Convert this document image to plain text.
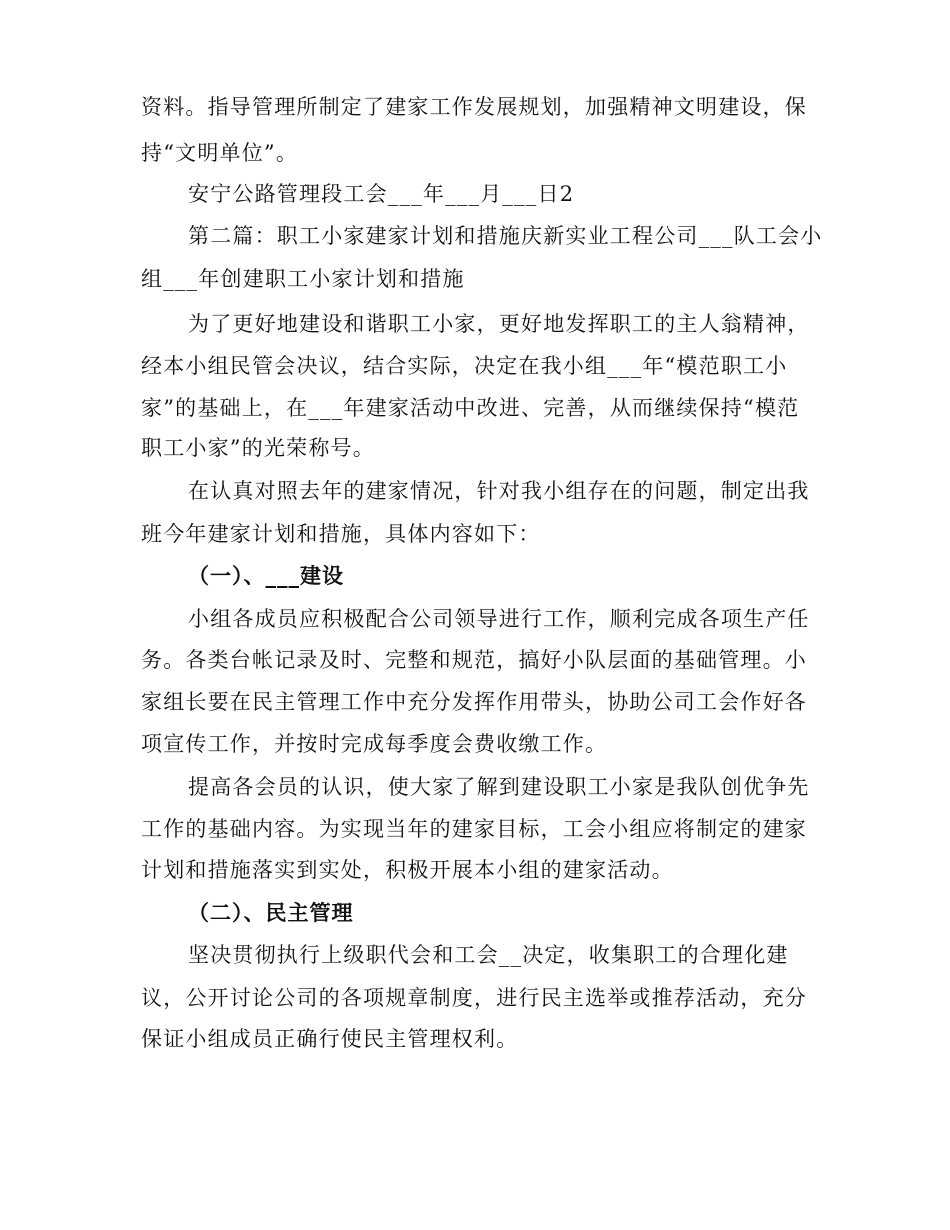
资料。指导管理所制定了建家工作发展规划，加强精神文明建设，保
持“文明单位”。
安宁公路管理段工会___年___月___日2
第二篇：职工小家建家计划和措施庆新实业工程公司___队工会小
组___年创建职工小家计划和措施
为了更好地建设和谐职工小家，更好地发挥职工的主人翁精神，
经本小组民管会决议，结合实际，决定在我小组___年“模范职工小
家”的基础上，在___年建家活动中改进、完善，从而继续保持“模范
职工小家”的光荣称号。
在认真对照去年的建家情况，针对我小组存在的问题，制定出我
班今年建家计划和措施，具体内容如下：
（一）、___建设
小组各成员应积极配合公司领导进行工作，顺利完成各项生产任
务。各类台帐记录及时、完整和规范，搞好小队层面的基础管理。小
家组长要在民主管理工作中充分发挥作用带头，协助公司工会作好各
项宣传工作，并按时完成每季度会费收缴工作。
提高各会员的认识，使大家了解到建设职工小家是我队创优争先
工作的基础内容。为实现当年的建家目标，工会小组应将制定的建家
计划和措施落实到实处，积极开展本小组的建家活动。
（二）、民主管理
坚决贯彻执行上级职代会和工会__决定，收集职工的合理化建
议，公开讨论公司的各项规章制度，进行民主选举或推荐活动，充分
保证小组成员正确行使民主管理权利。
